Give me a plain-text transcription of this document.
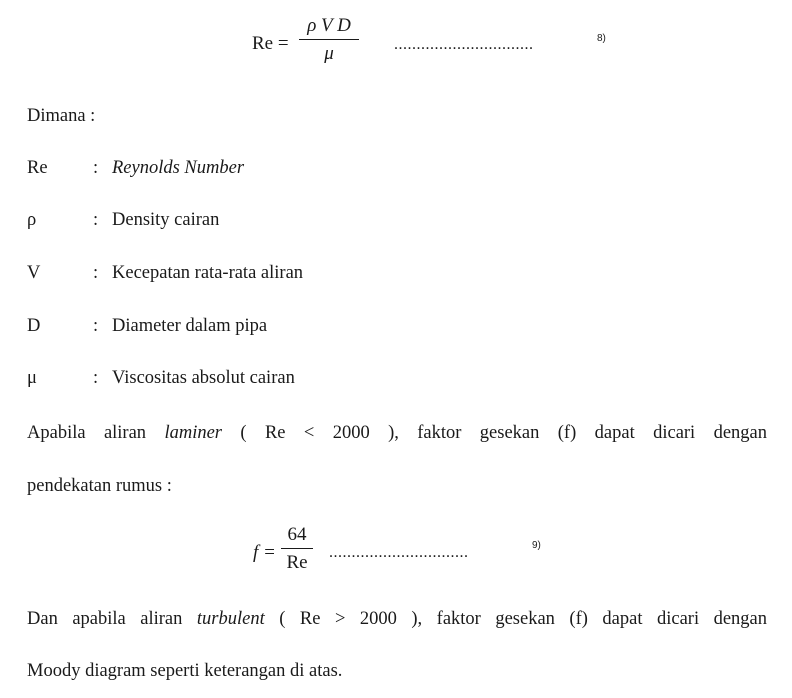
$Re = \frac{\text{ρ V D}}{\mu}$ ...............................	8)
Dimana :
Re : Reynolds Number
ρ	: Density cairan
V	: Kecepatan rata-rata aliran
D	: Diameter dalam pipa
μ	: Viscositas absolut cairan
Apabila aliran laminer ( Re < 2000 ), faktor gesekan (f) dapat dicari dengan
pendekatan rumus :
$f = \frac{64}{Re}$ ...............................	9)
Dan apabila aliran turbulent ( Re > 2000 ), faktor gesekan (f) dapat dicari dengan
Moody diagram seperti keterangan di atas.
